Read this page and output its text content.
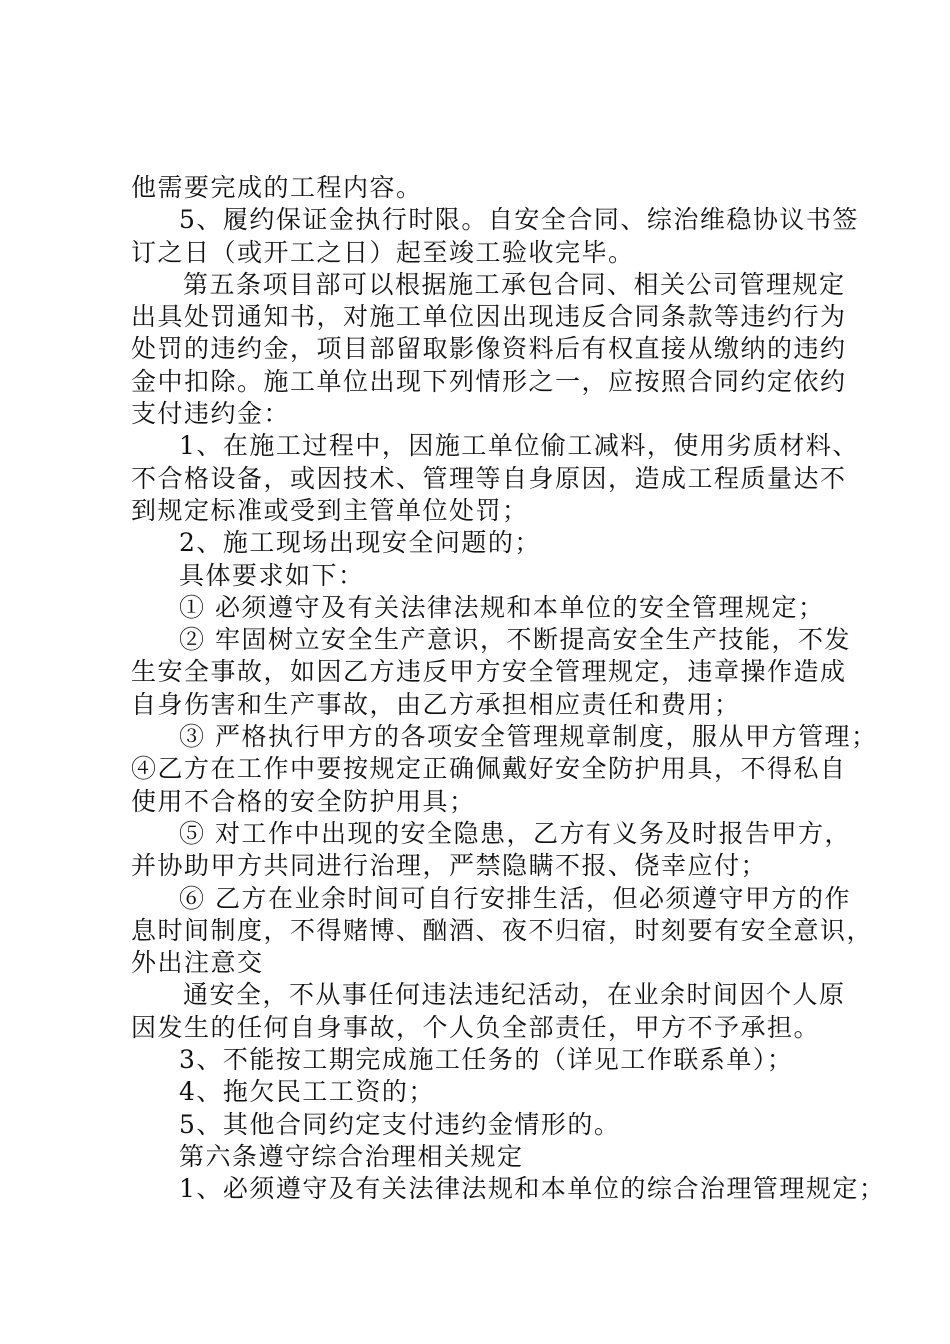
他需要完成的工程内容。
5、履约保证金执行时限。自安全合同、综治维稳协议书签
订之日（或开工之日）起至竣工验收完毕。
第五条项目部可以根据施工承包合同、相关公司管理规定
出具处罚通知书，对施工单位因出现违反合同条款等违约行为
处罚的违约金，项目部留取影像资料后有权直接从缴纳的违约
金中扣除。施工单位出现下列情形之一，应按照合同约定依约
支付违约金：
1、在施工过程中，因施工单位偷工减料，使用劣质材料、
不合格设备，或因技术、管理等自身原因，造成工程质量达不
到规定标准或受到主管单位处罚；
2、施工现场出现安全问题的；
具体要求如下：
① 必须遵守及有关法律法规和本单位的安全管理规定；
② 牢固树立安全生产意识，不断提高安全生产技能，不发
生安全事故，如因乙方违反甲方安全管理规定，违章操作造成
自身伤害和生产事故，由乙方承担相应责任和费用；
③ 严格执行甲方的各项安全管理规章制度，服从甲方管理；
④乙方在工作中要按规定正确佩戴好安全防护用具，不得私自
使用不合格的安全防护用具；
⑤ 对工作中出现的安全隐患，乙方有义务及时报告甲方，
并协助甲方共同进行治理，严禁隐瞒不报、侥幸应付；
⑥ 乙方在业余时间可自行安排生活，但必须遵守甲方的作
息时间制度，不得赌博、酗酒、夜不归宿，时刻要有安全意识，
外出注意交
通安全，不从事任何违法违纪活动，在业余时间因个人原
因发生的任何自身事故，个人负全部责任，甲方不予承担。
3、不能按工期完成施工任务的（详见工作联系单）；
4、拖欠民工工资的；
5、其他合同约定支付违约金情形的。
第六条遵守综合治理相关规定
1、必须遵守及有关法律法规和本单位的综合治理管理规定；
